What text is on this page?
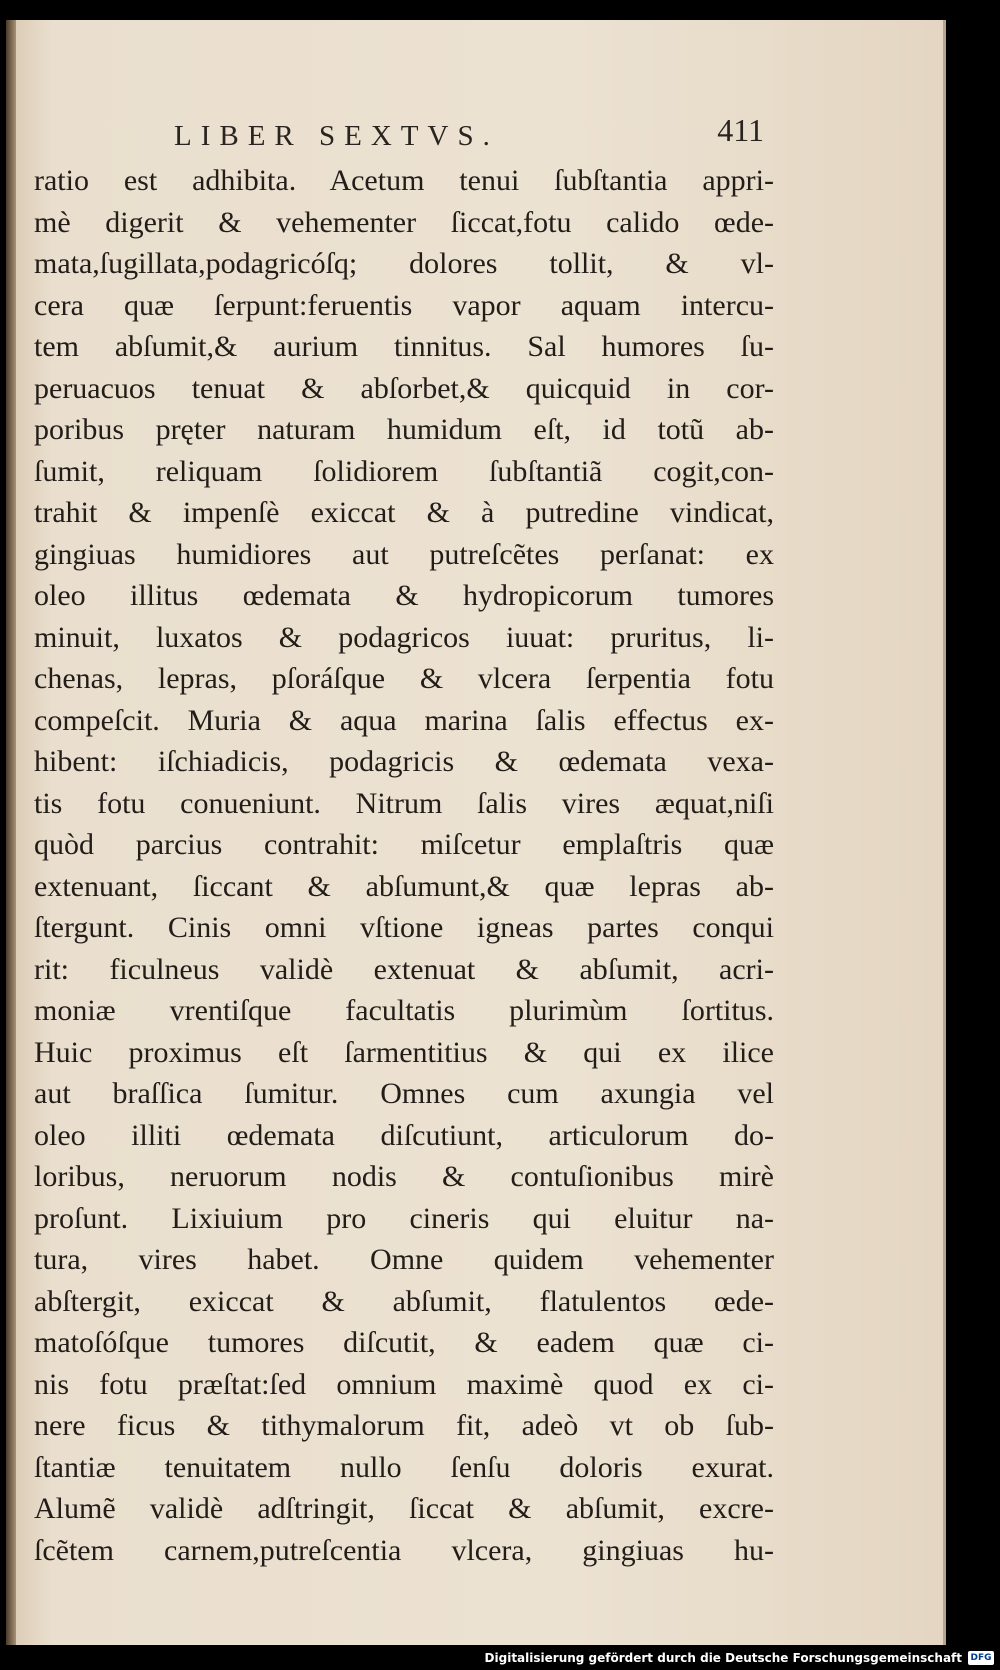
LIBER SEXTVS.	411
ratio est adhibita. Acetum tenui ſubſtantia appri-
mè digerit & vehementer ſiccat,fotu calido œde-
mata,ſugillata,podagricóſq; dolores tollit, & vl-
cera quæ ſerpunt:feruentis vapor aquam intercu-
tem abſumit,& aurium tinnitus. Sal humores ſu-
peruacuos tenuat & abſorbet,& quicquid in cor-
poribus pręter naturam humidum eſt, id totũ ab-
ſumit, reliquam ſolidiorem ſubſtantiã cogit,con-
trahit & impenſè exiccat & à putredine vindicat,
gingiuas humidiores aut putreſcẽtes perſanat: ex
oleo illitus œdemata & hydropicorum tumores
minuit, luxatos & podagricos iuuat: pruritus, li-
chenas, lepras, pſoráſque & vlcera ſerpentia fotu
compeſcit. Muria & aqua marina ſalis effectus ex-
hibent: iſchiadicis, podagricis & œdemata vexa-
tis fotu conueniunt. Nitrum ſalis vires æquat,niſi
quòd parcius contrahit: miſcetur emplaſtris quæ
extenuant, ſiccant & abſumunt,& quæ lepras ab-
ſtergunt. Cinis omni vſtione igneas partes conqui
rit: ficulneus validè extenuat & abſumit, acri-
moniæ vrentiſque facultatis plurimùm ſortitus.
Huic proximus eſt ſarmentitius & qui ex ilice
aut braſſica ſumitur. Omnes cum axungia vel
oleo illiti œdemata diſcutiunt, articulorum do-
loribus, neruorum nodis & contuſionibus mirè
proſunt. Lixiuium pro cineris qui eluitur na-
tura, vires habet. Omne quidem vehementer
abſtergit, exiccat & abſumit, flatulentos œde-
matoſóſque tumores diſcutit, & eadem quæ ci-
nis fotu præſtat:ſed omnium maximè quod ex ci-
nere ficus & tithymalorum fit, adeò vt ob ſub-
ſtantiæ tenuitatem nullo ſenſu doloris exurat.
Alumẽ validè adſtringit, ſiccat & abſumit, excre-
ſcẽtem carnem,putreſcentia vlcera, gingiuas hu-
Digitalisierung gefördert durch die Deutsche Forschungsgemeinschaft DFG
